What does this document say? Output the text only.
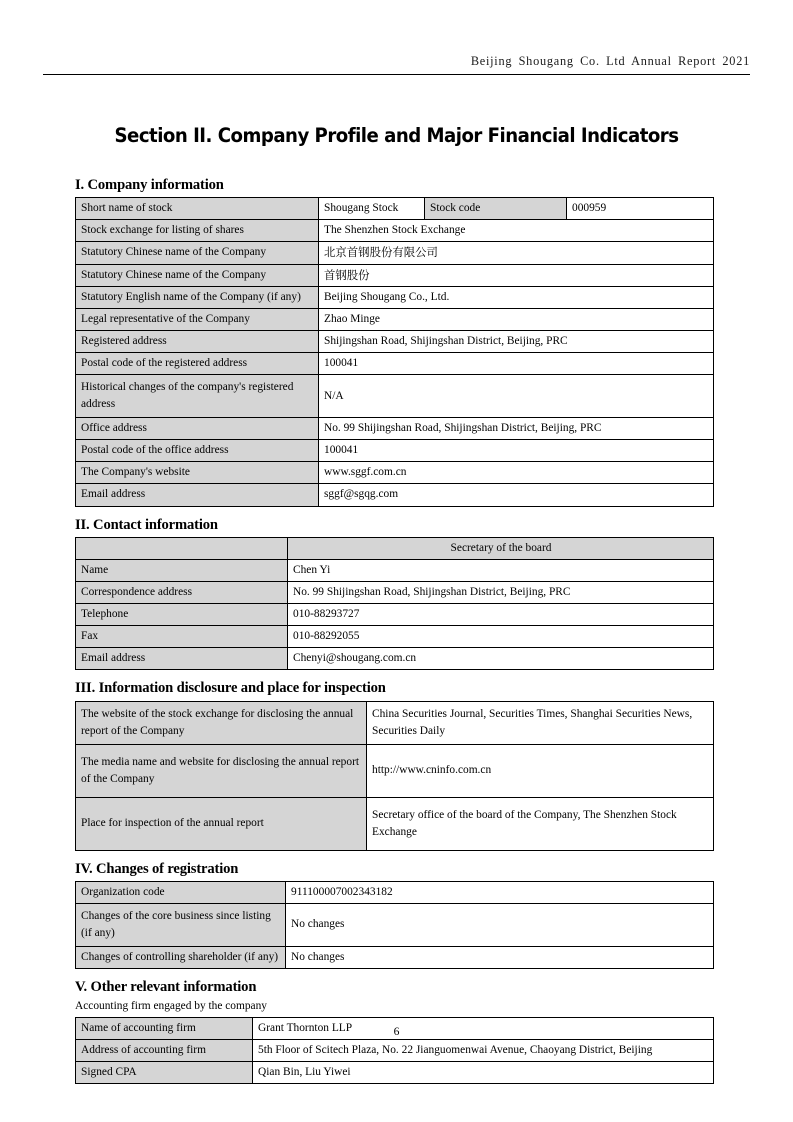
Beijing Shougang Co. Ltd Annual Report 2021
Section II. Company Profile and Major Financial Indicators
I. Company information
Short name of stock	Shougang Stock	Stock code	000959
Stock exchange for listing of shares	The Shenzhen Stock Exchange		
Statutory Chinese name of the Company	北京首钢股份有限公司		
Statutory Chinese name of the Company	首钢股份		
Statutory English name of the Company (if any)	Beijing Shougang Co., Ltd.		
Legal representative of the Company	Zhao Minge		
Registered address	Shijingshan Road, Shijingshan District, Beijing, PRC		
Postal code of the registered address	100041		
Historical changes of the company's registered address	N/A		
Office address	No. 99 Shijingshan Road, Shijingshan District, Beijing, PRC		
Postal code of the office address	100041		
The Company's website	www.sggf.com.cn		
Email address	sggf@sgqg.com		
II. Contact information
	Secretary of the board
Name	Chen Yi
Correspondence address	No. 99 Shijingshan Road, Shijingshan District, Beijing, PRC
Telephone	010-88293727
Fax	010-88292055
Email address	Chenyi@shougang.com.cn
III. Information disclosure and place for inspection
The website of the stock exchange for disclosing the annual report of the Company	China Securities Journal, Securities Times, Shanghai Securities News, Securities Daily
The media name and website for disclosing the annual report of the Company	http://www.cninfo.com.cn
Place for inspection of the annual report	Secretary office of the board of the Company, The Shenzhen Stock Exchange
IV. Changes of registration
Organization code	911100007002343182
Changes of the core business since listing (if any)	No changes
Changes of controlling shareholder (if any)	No changes
V. Other relevant information

Accounting firm engaged by the company

Name of accounting firm	Grant Thornton LLP
Address of accounting firm	5th Floor of Scitech Plaza, No. 22 Jianguomenwai Avenue, Chaoyang District, Beijing
Signed CPA	Qian Bin, Liu Yiwei
6
